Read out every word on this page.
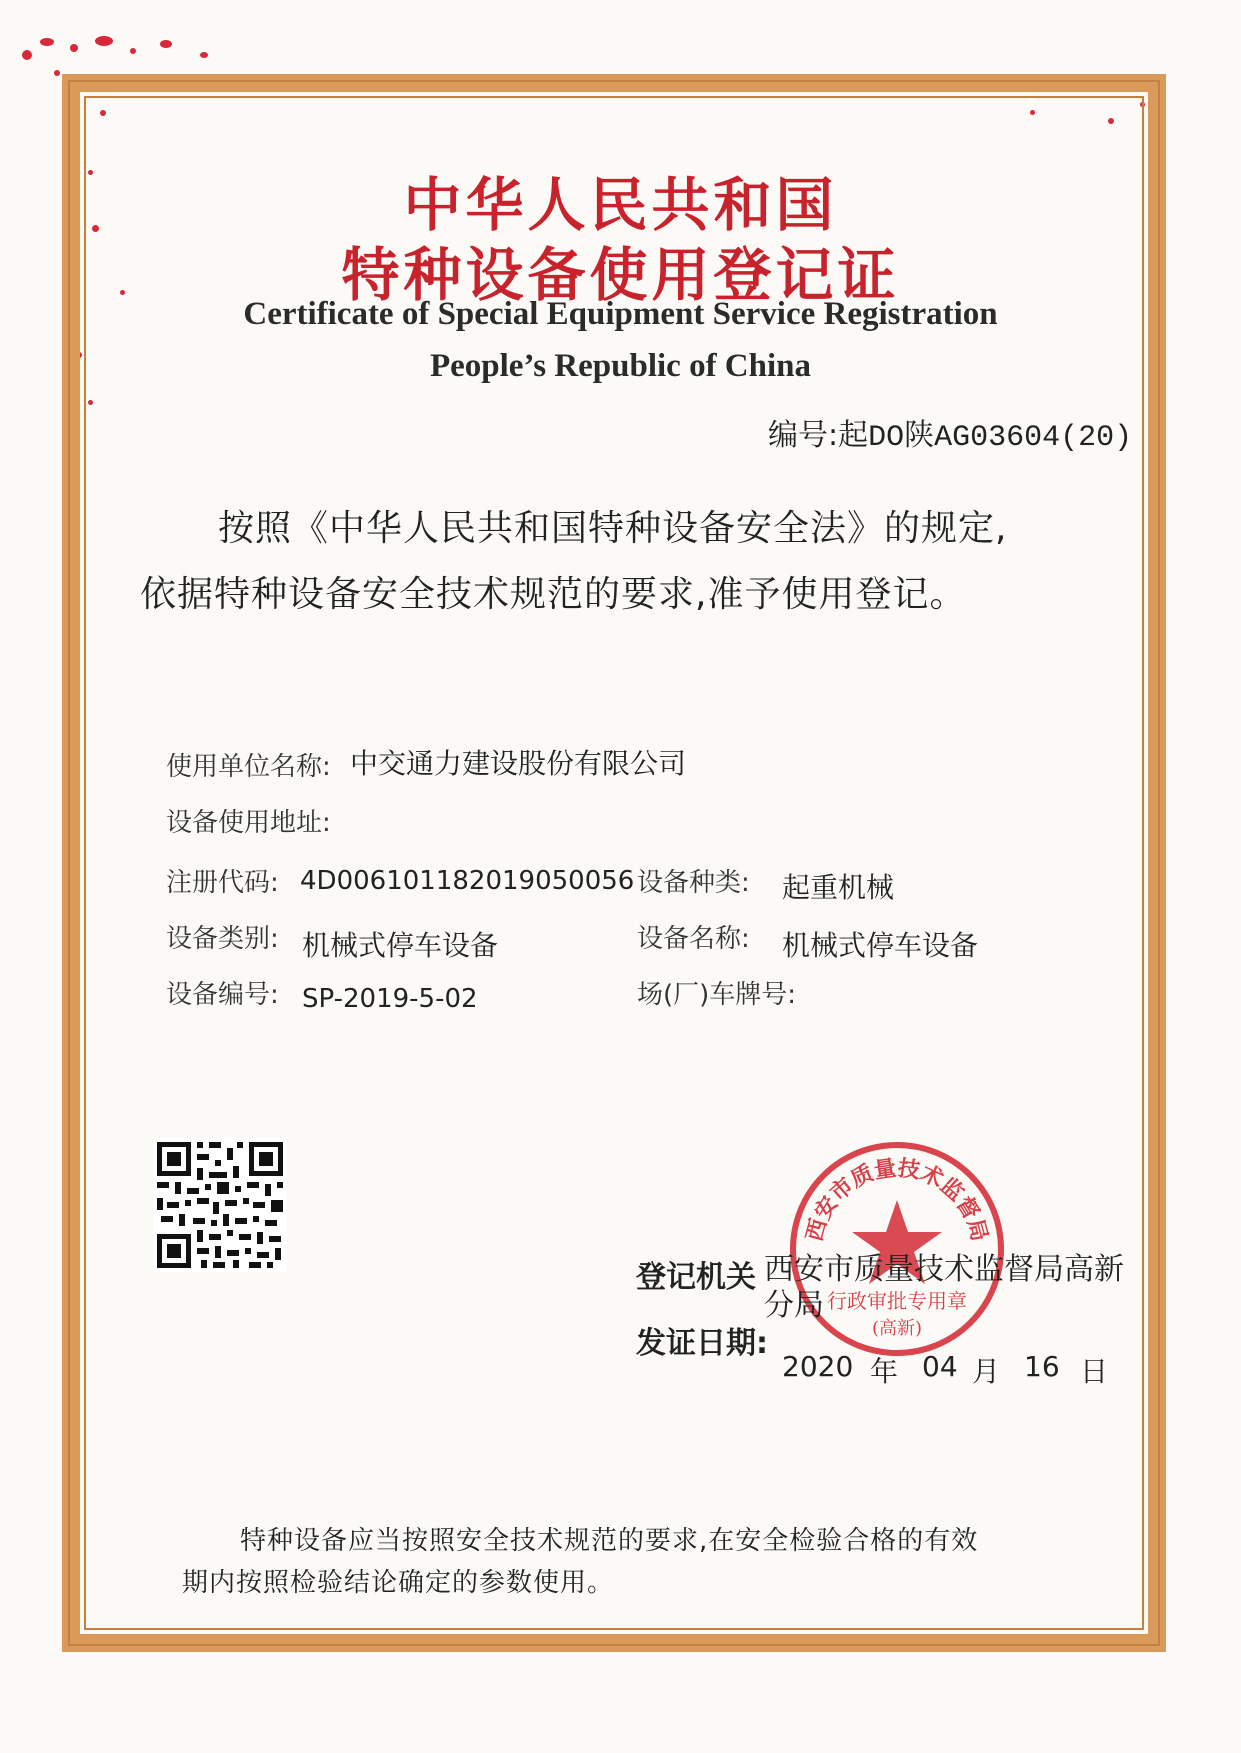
中华人民共和国
特种设备使用登记证
Certificate of Special Equipment Service Registration
People’s Republic of China
编号:起DO陕AG03604(20)
按照《中华人民共和国特种设备安全法》的规定,
依据特种设备安全技术规范的要求,准予使用登记。
使用单位名称: 中交通力建设股份有限公司
设备使用地址:
注册代码: 4D006101182019050056 设备种类: 起重机械
设备类别: 机械式停车设备	设备名称: 机械式停车设备
设备编号: SP-2019-5-02	场(厂)车牌号:
西安市质量技术监督局
行政审批专用章
(高新)
登记机关 西安市质量技术监督局高新
分局
发证日期:
2020 年 04 月 16 日
特种设备应当按照安全技术规范的要求,在安全检验合格的有效
期内按照检验结论确定的参数使用。
